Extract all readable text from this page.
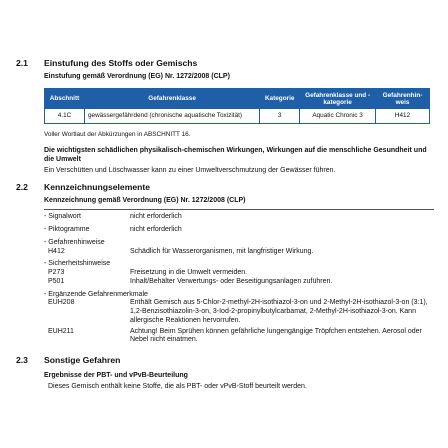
2.1	Einstufung des Stoffs oder Gemischs
Einstufung gemäß Verordnung (EG) Nr. 1272/2008 (CLP)
Abschnitt	Gefahrenklasse	Kategorie	Gefahrenklasse und -kategorie	Gefahrenhin-weis
4.1C	gewässergefährdend (chronische aquatische Toxizität)	3	Aquatic Chronic 3	H412
Voller Wortlaut der Abkürzungen in ABSCHNITT 16.
Die wichtigsten schädlichen physikalisch-chemischen Wirkungen, Wirkungen auf die menschliche Gesundheit und die Umwelt
Ein Verschütten und Löschwasser kann zu einer Umweltverschmutzung der Gewässer führen.
2.2	Kennzeichnungselemente
Kennzeichnung gemäß Verordnung (EG) Nr. 1272/2008 (CLP)
- Signalwort	nicht erforderlich
- Piktogramme	nicht erforderlich
- Gefahrenhinweise
H412	Schädlich für Wasserorganismen, mit langfristiger Wirkung.
- Sicherheitshinweise
P273	Freisetzung in die Umwelt vermeiden.
P501	Inhalt/Behälter Verwertungs- oder Beseitigungsanlagen zuführen.
- Ergänzende Gefahrenmerkmale
EUH208	Enthält Gemisch aus 5-Chlor-2-methyl-2H-isothiazol-3-on und 2-Methyl-2H-isothiazol-3-on (3:1), 1,2-Benzisothiazolin-3-on, 3-Iod-2-propinylbutylcarbamat, 2-Methyl-2H-isothiazol-3-on. Kann allergische Reaktionen hervorrufen.
EUH211	Achtung! Beim Sprühen können gefährliche lungengängige Tröpfchen entstehen. Aerosol oder Nebel nicht einatmen.
2.3	Sonstige Gefahren
Ergebnisse der PBT- und vPvB-Beurteilung
Dieses Gemisch enthält keine Stoffe, die als PBT- oder vPvB-Stoff beurteilt werden.
